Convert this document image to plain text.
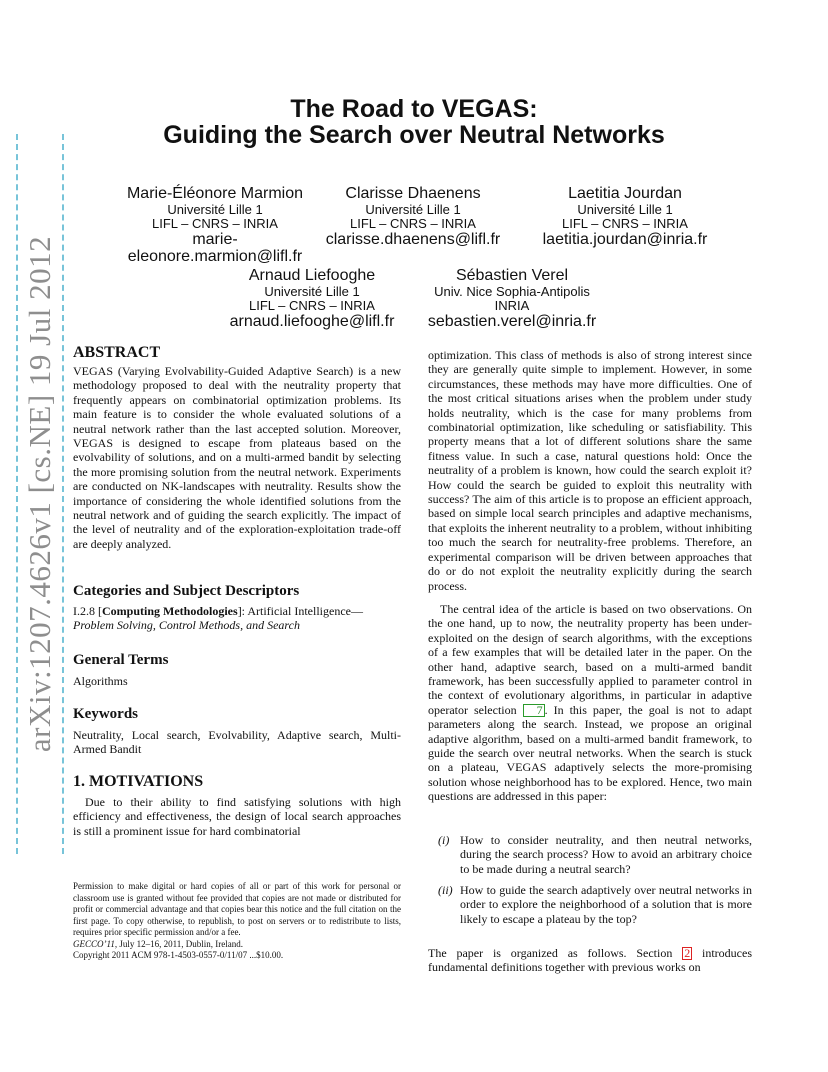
arXiv:1207.4626v1 [cs.NE] 19 Jul 2012
The Road to VEGAS:
Guiding the Search over Neutral Networks
Marie-Éléonore Marmion
Université Lille 1
LIFL – CNRS – INRIA
marie-
eleonore.marmion@lifl.fr
Clarisse Dhaenens
Université Lille 1
LIFL – CNRS – INRIA
clarisse.dhaenens@lifl.fr
Laetitia Jourdan
Université Lille 1
LIFL – CNRS – INRIA
laetitia.jourdan@inria.fr
Arnaud Liefooghe
Université Lille 1
LIFL – CNRS – INRIA
arnaud.liefooghe@lifl.fr
Sébastien Verel
Univ. Nice Sophia-Antipolis
INRIA
sebastien.verel@inria.fr
ABSTRACT
VEGAS (Varying Evolvability-Guided Adaptive Search) is a new methodology proposed to deal with the neutrality property that frequently appears on combinatorial optimization problems. Its main feature is to consider the whole evaluated solutions of a neutral network rather than the last accepted solution. Moreover, VEGAS is designed to escape from plateaus based on the evolvability of solutions, and on a multi-armed bandit by selecting the more promising solution from the neutral network. Experiments are conducted on NK-landscapes with neutrality. Results show the importance of considering the whole identified solutions from the neutral network and of guiding the search explicitly. The impact of the level of neutrality and of the exploration-exploitation trade-off are deeply analyzed.
Categories and Subject Descriptors
I.2.8 [Computing Methodologies]: Artificial Intelligence—
Problem Solving, Control Methods, and Search
General Terms
Algorithms
Keywords
Neutrality, Local search, Evolvability, Adaptive search, Multi-Armed Bandit
1. MOTIVATIONS
Due to their ability to find satisfying solutions with high efficiency and effectiveness, the design of local search approaches is still a prominent issue for hard combinatorial
Permission to make digital or hard copies of all or part of this work for personal or classroom use is granted without fee provided that copies are not made or distributed for profit or commercial advantage and that copies bear this notice and the full citation on the first page. To copy otherwise, to republish, to post on servers or to redistribute to lists, requires prior specific permission and/or a fee.
GECCO’11, July 12–16, 2011, Dublin, Ireland.
Copyright 2011 ACM 978-1-4503-0557-0/11/07 ...$10.00.
optimization. This class of methods is also of strong interest since they are generally quite simple to implement. However, in some circumstances, these methods may have more difficulties. One of the most critical situations arises when the problem under study holds neutrality, which is the case for many problems from combinatorial optimization, like scheduling or satisfiability. This property means that a lot of different solutions share the same fitness value. In such a case, natural questions hold: Once the neutrality of a problem is known, how could the search exploit it? How could the search be guided to exploit this neutrality with success? The aim of this article is to propose an efficient approach, based on simple local search principles and adaptive mechanisms, that exploits the inherent neutrality to a problem, without inhibiting too much the search for neutrality-free problems. Therefore, an experimental comparison will be driven between approaches that do or do not exploit the neutrality explicitly during the search process.
The central idea of the article is based on two observations. On the one hand, up to now, the neutrality property has been under-exploited on the design of search algorithms, with the exceptions of a few examples that will be detailed later in the paper. On the other hand, adaptive search, based on a multi-armed bandit framework, has been successfully applied to parameter control in the context of evolutionary algorithms, in particular in adaptive operator selection 7 . In this paper, the goal is not to adapt parameters along the search. Instead, we propose an original adaptive algorithm, based on a multi-armed bandit framework, to guide the search over neutral networks. When the search is stuck on a plateau, VEGAS adaptively selects the more-promising solution whose neighborhood has to be explored. Hence, two main questions are addressed in this paper:
(i) How to consider neutrality, and then neutral networks, during the search process? How to avoid an arbitrary choice to be made during a neutral search?
(ii) How to guide the search adaptively over neutral networks in order to explore the neighborhood of a solution that is more likely to escape a plateau by the top?
The paper is organized as follows. Section 2 introduces fundamental definitions together with previous works on
